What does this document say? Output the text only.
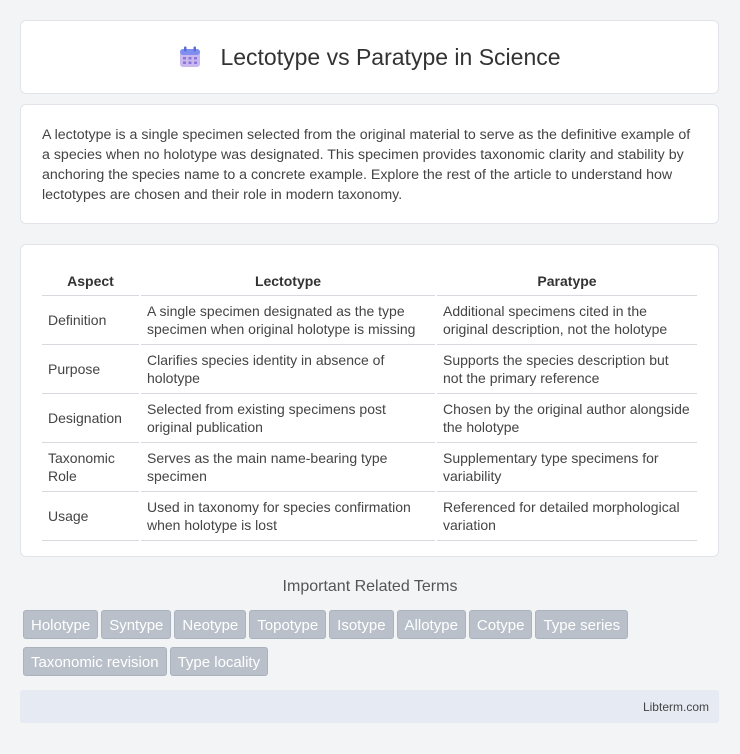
Lectotype vs Paratype in Science

A lectotype is a single specimen selected from the original material to serve as the definitive example of a species when no holotype was designated. This specimen provides taxonomic clarity and stability by anchoring the species name to a concrete example. Explore the rest of the article to understand how lectotypes are chosen and their role in modern taxonomy.

Aspect	Lectotype	Paratype
Definition	A single specimen designated as the type specimen when original holotype is missing	Additional specimens cited in the original description, not the holotype
Purpose	Clarifies species identity in absence of holotype	Supports the species description but not the primary reference
Designation	Selected from existing specimens post original publication	Chosen by the original author alongside the holotype
Taxonomic Role	Serves as the main name-bearing type specimen	Supplementary type specimens for variability
Usage	Used in taxonomy for species confirmation when holotype is lost	Referenced for detailed morphological variation
Important Related Terms
Holotype Syntype Neotype Topotype Isotype Allotype Cotype Type series
Taxonomic revision Type locality
Libterm.com
